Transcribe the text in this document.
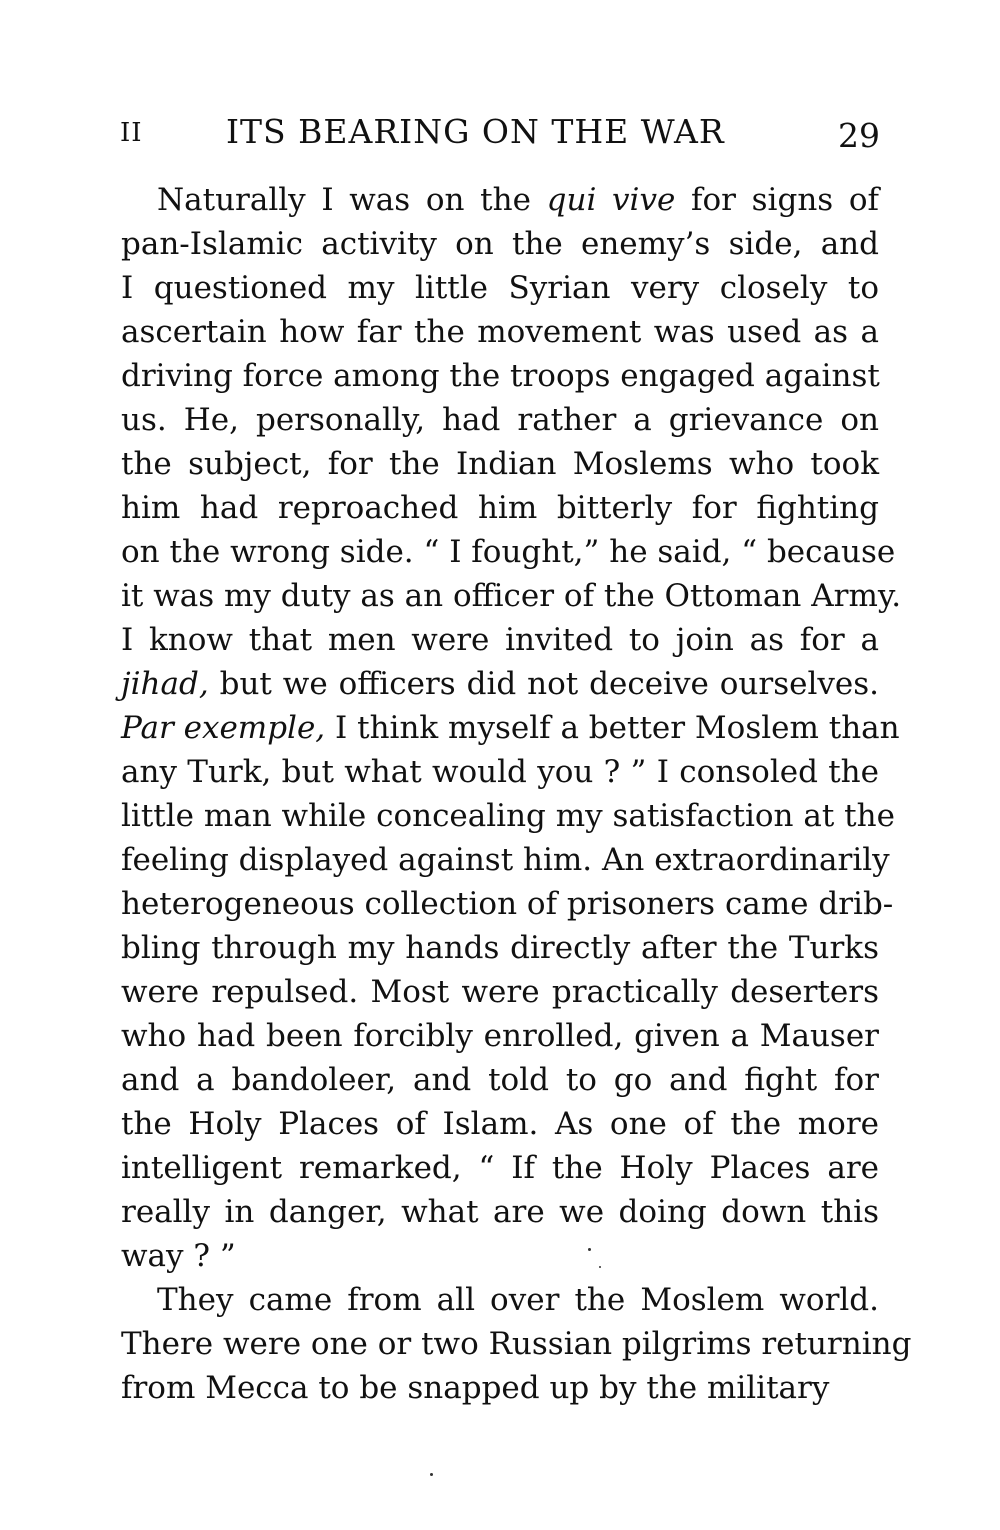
II	ITS BEARING ON THE WAR	29
Naturally I was on the qui vive for signs of
pan-Islamic activity on the enemy’s side, and
I questioned my little Syrian very closely to
ascertain how far the movement was used as a
driving force among the troops engaged against
us. He, personally, had rather a grievance on
the subject, for the Indian Moslems who took
him had reproached him bitterly for fighting
on the wrong side. “ I fought,” he said, “ because
it was my duty as an officer of the Ottoman Army.
I know that men were invited to join as for a
jihad, but we officers did not deceive ourselves.
Par exemple, I think myself a better Moslem than
any Turk, but what would you ? ” I consoled the
little man while concealing my satisfaction at the
feeling displayed against him. An extraordinarily
heterogeneous collection of prisoners came drib-
bling through my hands directly after the Turks
were repulsed. Most were practically deserters
who had been forcibly enrolled, given a Mauser
and a bandoleer, and told to go and fight for
the Holy Places of Islam. As one of the more
intelligent remarked, “ If the Holy Places are
really in danger, what are we doing down this
way ? ”
They came from all over the Moslem world.
There were one or two Russian pilgrims returning
from Mecca to be snapped up by the military
